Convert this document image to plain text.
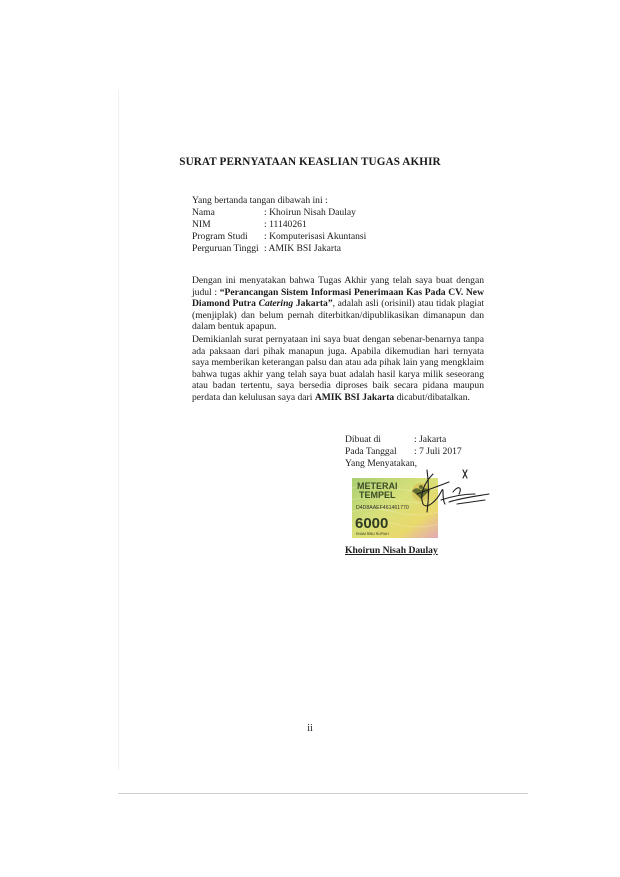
SURAT PERNYATAAN KEASLIAN TUGAS AKHIR
Yang bertanda tangan dibawah ini :
Nama	: Khoirun Nisah Daulay
NIM	: 11140261
Program Studi : Komputerisasi Akuntansi
Perguruan Tinggi : AMIK BSI Jakarta
Dengan ini menyatakan bahwa Tugas Akhir yang telah saya buat dengan judul : “Perancangan Sistem Informasi Penerimaan Kas Pada CV. New Diamond Putra Catering Jakarta”, adalah asli (orisinil) atau tidak plagiat (menjiplak) dan belum pernah diterbitkan/dipublikasikan dimanapun dan dalam bentuk apapun.
Demikianlah surat pernyataan ini saya buat dengan sebenar-benarnya tanpa ada paksaan dari pihak manapun juga. Apabila dikemudian hari ternyata saya memberikan keterangan palsu dan atau ada pihak lain yang mengklaim bahwa tugas akhir yang telah saya buat adalah hasil karya milik seseorang atau badan tertentu, saya bersedia diproses baik secara pidana maupun perdata dan kelulusan saya dari AMIK BSI Jakarta dicabut/dibatalkan.
Dibuat di	: Jakarta
Pada Tanggal : 7 Juli 2017
Yang Menyatakan,
METERAI
TEMPEL
D4D8AAEF461461770
6000
ENAM RIBU RUPIAH
Khoirun Nisah Daulay
ii
